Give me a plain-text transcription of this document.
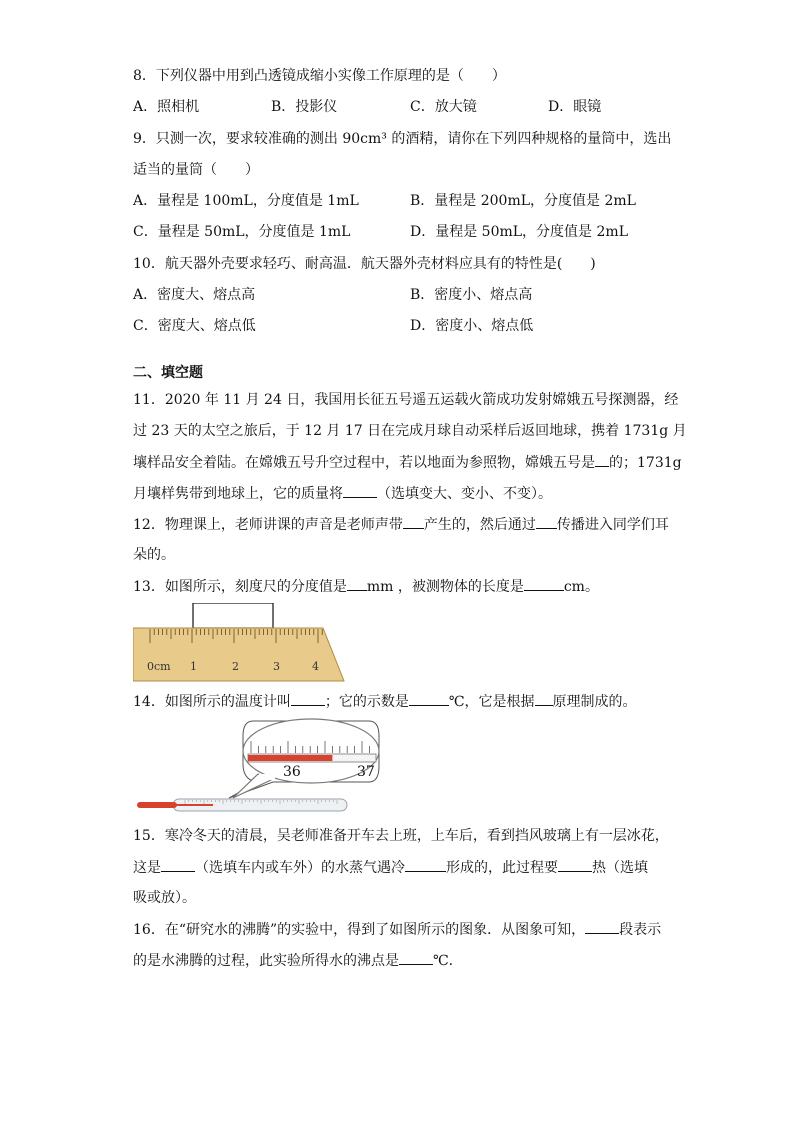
8．下列仪器中用到凸透镜成缩小实像工作原理的是（　　）
A．照相机	B．投影仪	C．放大镜	D．眼镜
9．只测一次，要求较准确的测出 90cm³ 的酒精，请你在下列四种规格的量筒中，选出
适当的量筒（　　）
A．量程是 100mL，分度值是 1mL	B．量程是 200mL，分度值是 2mL
C．量程是 50mL，分度值是 1mL	D．量程是 50mL，分度值是 2mL
10．航天器外壳要求轻巧、耐高温．航天器外壳材料应具有的特性是(　　)
A．密度大、熔点高	B．密度小、熔点高
C．密度大、熔点低	D．密度小、熔点低
二、填空题
11．2020 年 11 月 24 日，我国用长征五号遥五运载火箭成功发射嫦娥五号探测器，经
过 23 天的太空之旅后，于 12 月 17 日在完成月球自动采样后返回地球，携着 1731g 月
壤样品安全着陆。在嫦娥五号升空过程中，若以地面为参照物，嫦娥五号是 的；1731g
月壤样隽带到地球上，它的质量将 （选填变大、变小、不变）。
12．物理课上，老师讲课的声音是老师声带 产生的，然后通过 传播进入同学们耳
朵的。
13．如图所示，刻度尺的分度值是 mm ，被测物体的长度是	cm。
0cm 1	2	3	4
14．如图所示的温度计叫 ；它的示数是	℃，它是根据 原理制成的。
36	37
15．寒冷冬天的清晨，吴老师准备开车去上班，上车后，看到挡风玻璃上有一层冰花，
这是 （选填车内或车外）的水蒸气遇冷	形成的，此过程要 热（选填
吸或放）。
16．在“研究水的沸腾”的实验中，得到了如图所示的图象．从图象可知， 段表示
的是水沸腾的过程，此实验所得水的沸点是 ℃.
